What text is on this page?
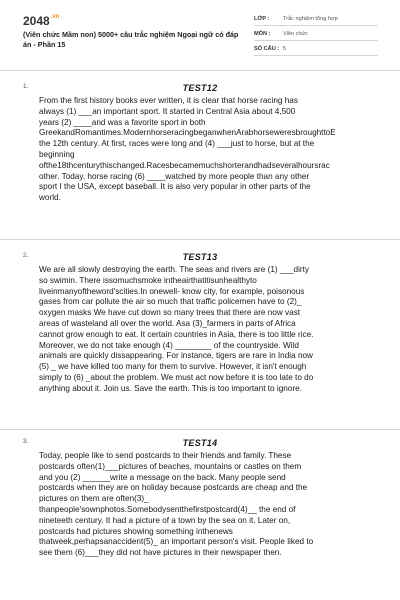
$2048^{.vn}$
(Viên chức Mầm non) 5000+ câu trắc nghiệm Ngoại ngữ có đáp án - Phần 15
LỚP : Trắc nghiệm tổng hợp
MÔN : Viên chức
SỐ CÂU : 5
1.	TEST12
From the first history books ever written, it is clear that horse racing has
always (1) ___an important sport. It started in Central Asia about 4,500
years (2) ____and was a favorite sport in both
GreekandRomantimes.ModernhorseracingbeganwhenArabhorseweresbroughttoE
the 12th century. At first, races were long and (4) ___just to horse, but at the
beginning
ofthe18thcenturythischanged.Racesbecamemuchshorterandhadseveralhoursrac
other. Today, horse racing (6) ____watched by more people than any other
sport I the USA, except baseball. It is also very popular in other parts of the
world.
2.	TEST13
We are all slowly destroying the earth. The seas and rivers are (1) ___dirty
so swimin. There issomuchsmoke intheairthatitisunhealthyto
liveinmanyoftheword'scities.In onewell- know city, for example, poisonous
gases from car pollute the air so much that traffic policemen have to (2)_
oxygen masks We have cut down so many trees that there are now vast
areas of wasteland all over the world. Asa (3)_farmers in parts of Africa
cannot grow enough to eat. It certain countries in Asia, there is too little rice.
Moreover, we do not take enough (4) ________ of the countryside. Wild
animals are quickly dissappearing. For instance, tigers are rare in India now
(5) _ we have killed too many for them to survive. However, it isn't enough
simply to (6) _about the problem. We must act now before it is too late to do
anything about it. Join us. Save the earth. This is too important to ignore.
3.	TEST14
Today, people like to send postcards to their friends and family. These
postcards often(1)___pictures of beaches, mountains or castles on them
and you (2) ______write a message on the back. Many people send
postcards when they are on holiday because postcards are cheap and the
pictures on them are often(3)_
thanpeople'sownphotos.Somebodysentthefirstpostcard(4)__ the end of
nineteeth century. It had a picture of a town by the sea on it. Later on,
postcards had pictures showing something inthenews
thatweek,perhapsanaccident(5)_ an important person's visit. People liked to
see them (6)___they did not have pictures in their newspaper then.
